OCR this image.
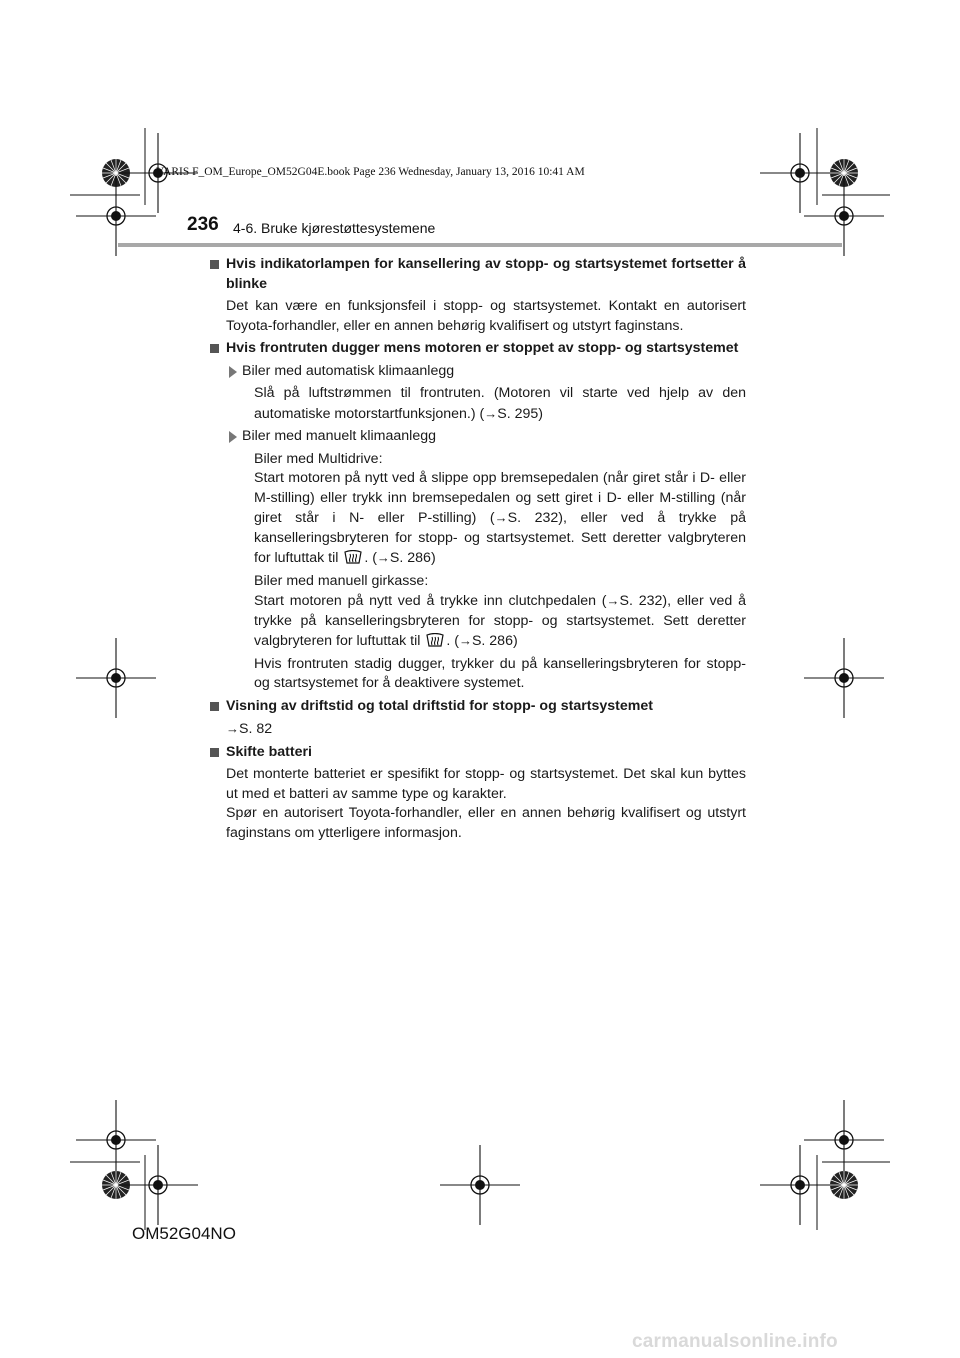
YARIS F_OM_Europe_OM52G04E.book Page 236 Wednesday, January 13, 2016 10:41 AM
236 4-6. Bruke kjørestøttesystemene
Hvis indikatorlampen for kansellering av stopp- og startsystemet fortsetter å blinke

Det kan være en funksjonsfeil i stopp- og startsystemet. Kontakt en autorisert Toyota-forhandler, eller en annen behørig kvalifisert og utstyrt faginstans.

Hvis frontruten dugger mens motoren er stoppet av stopp- og startsystemet
Biler med automatisk klimaanlegg

Slå på luftstrømmen til frontruten. (Motoren vil starte ved hjelp av den automatiske motorstartfunksjonen.) (→S. 295)

Biler med manuelt klimaanlegg

Biler med Multidrive:
Start motoren på nytt ved å slippe opp bremsepedalen (når giret står i D- eller M-stilling) eller trykk inn bremsepedalen og sett giret i D- eller M-stilling (når giret står i N- eller P-stilling) (→S. 232), eller ved å trykke på kanselleringsbryteren for stopp- og startsystemet. Sett deretter valgbryteren for luftuttak til . (→S. 286)

Biler med manuell girkasse:
Start motoren på nytt ved å trykke inn clutchpedalen (→S. 232), eller ved å trykke på kanselleringsbryteren for stopp- og startsystemet. Sett deretter valgbryteren for luftuttak til . (→S. 286)

Hvis frontruten stadig dugger, trykker du på kanselleringsbryteren for stopp- og startsystemet for å deaktivere systemet.

Visning av driftstid og total driftstid for stopp- og startsystemet

→S. 82

Skifte batteri

Det monterte batteriet er spesifikt for stopp- og startsystemet. Det skal kun byttes ut med et batteri av samme type og karakter.
Spør en autorisert Toyota-forhandler, eller en annen behørig kvalifisert og utstyrt faginstans om ytterligere informasjon.

OM52G04NO
carmanualsonline.info
